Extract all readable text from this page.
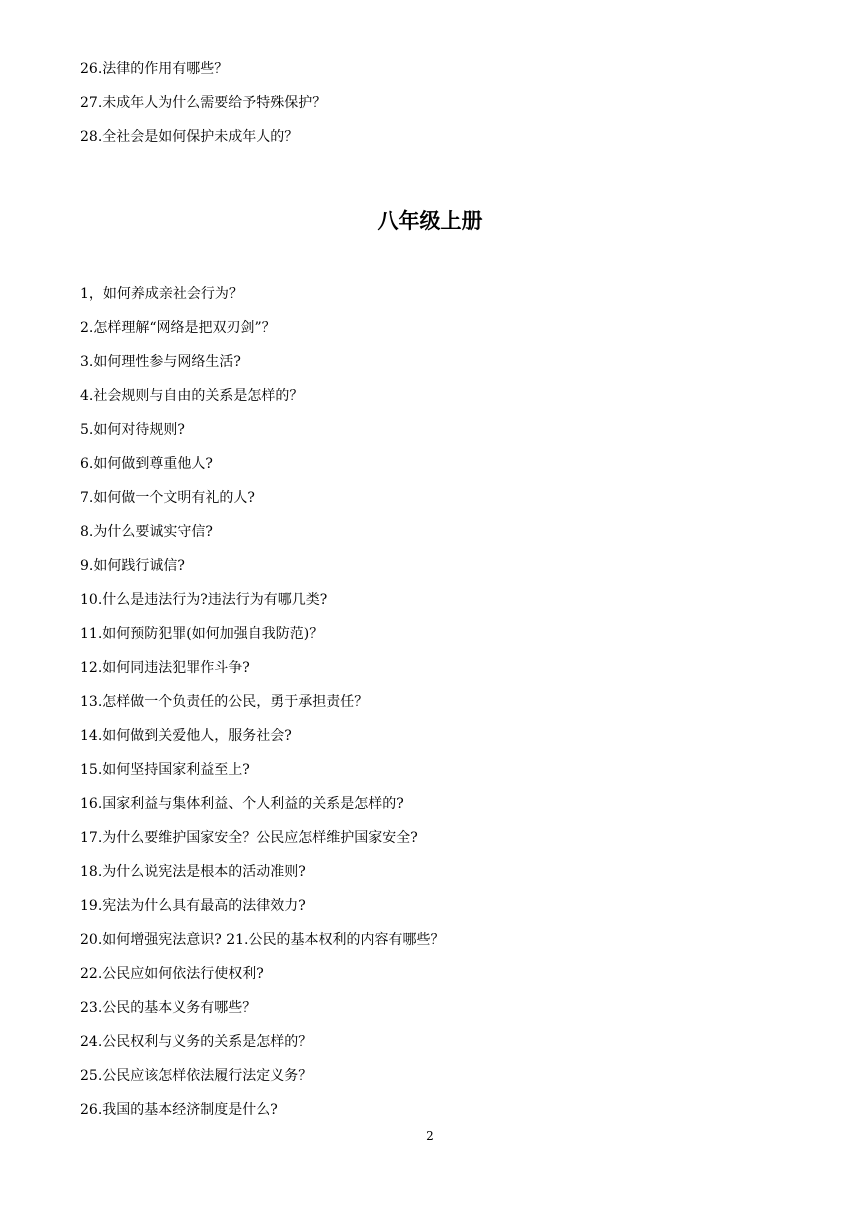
26.法律的作用有哪些？
27.未成年人为什么需要给予特殊保护？
28.全社会是如何保护未成年人的？
八年级上册
1，如何养成亲社会行为？
2.怎样理解“网络是把双刃剑”？
3.如何理性参与网络生活?
4.社会规则与自由的关系是怎样的？
5.如何对待规则?
6.如何做到尊重他人?
7.如何做一个文明有礼的人?
8.为什么要诚实守信?
9.如何践行诚信?
10.什么是违法行为?违法行为有哪几类?
11.如何预防犯罪(如何加强自我防范)？
12.如何同违法犯罪作斗争?
13.怎样做一个负责任的公民，勇于承担责任？
14.如何做到关爱他人，服务社会?
15.如何坚持国家利益至上?
16.国家利益与集体利益、个人利益的关系是怎样的?
17.为什么要维护国家安全？公民应怎样维护国家安全?
18.为什么说宪法是根本的活动准则?
19.宪法为什么具有最高的法律效力?
20.如何增强宪法意识? 21.公民的基本权利的内容有哪些？
22.公民应如何依法行使权利?
23.公民的基本义务有哪些？
24.公民权利与义务的关系是怎样的？
25.公民应该怎样依法履行法定义务？
26.我国的基本经济制度是什么?
2
